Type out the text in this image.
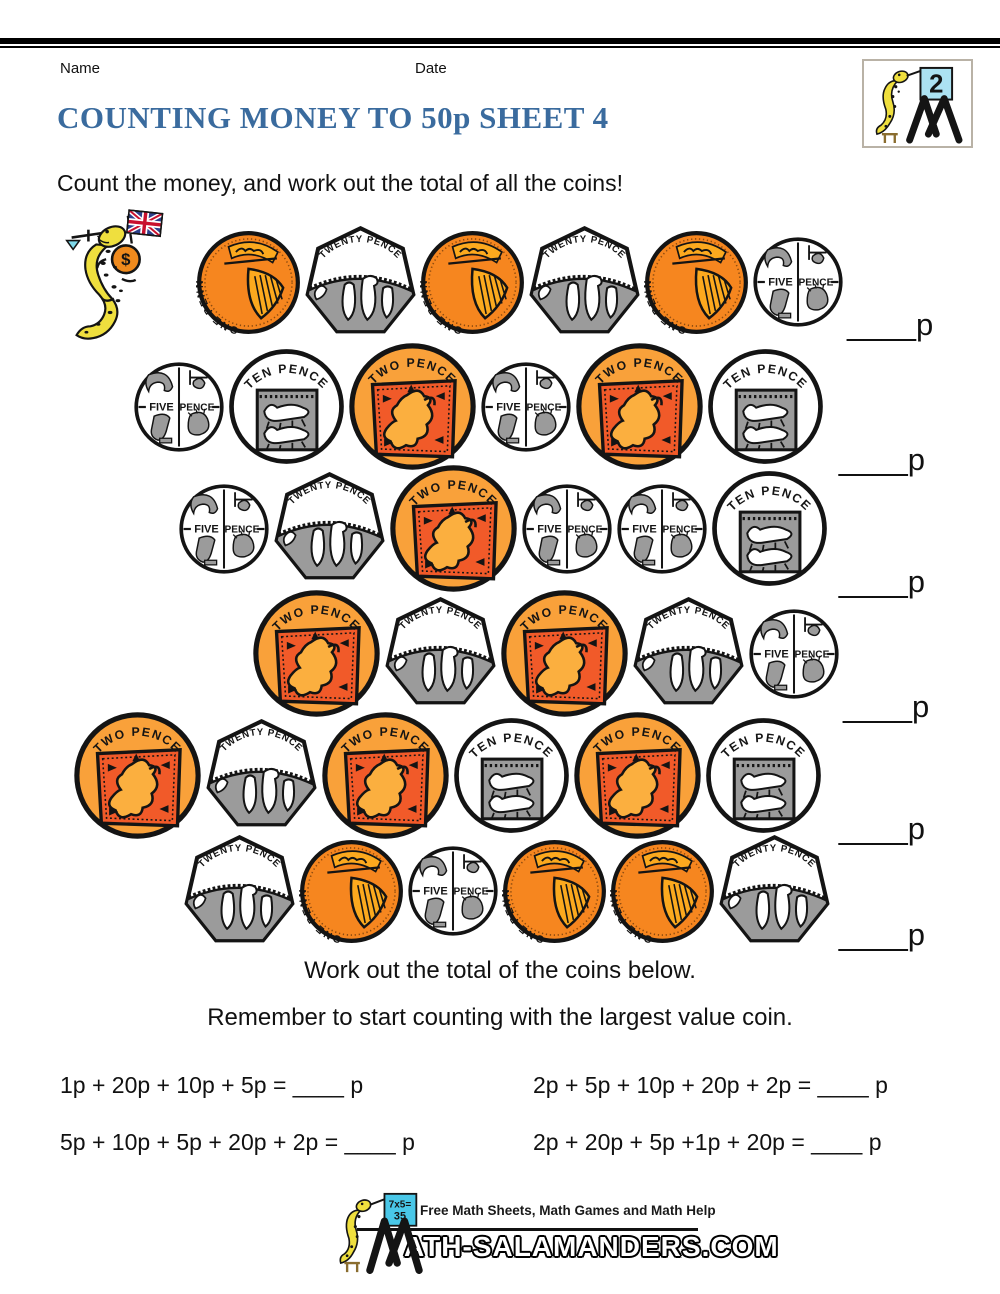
Name	Date
2
COUNTING MONEY TO 50p SHEET 4
Count the money, and work out the total of all the coins!
$
____p
____p
____p
____p
____p
____p
Work out the total of the coins below.
Remember to start counting with the largest value coin.
1p + 20p + 10p + 5p = ____ p	2p + 5p + 10p + 20p + 2p = ____ p
5p + 10p + 5p + 20p + 2p = ____ p	2p + 20p + 5p +1p + 20p = ____ p
7x5=
35 Free Math Sheets, Math Games and Math Help
ATH-SALAMANDERS.COM
